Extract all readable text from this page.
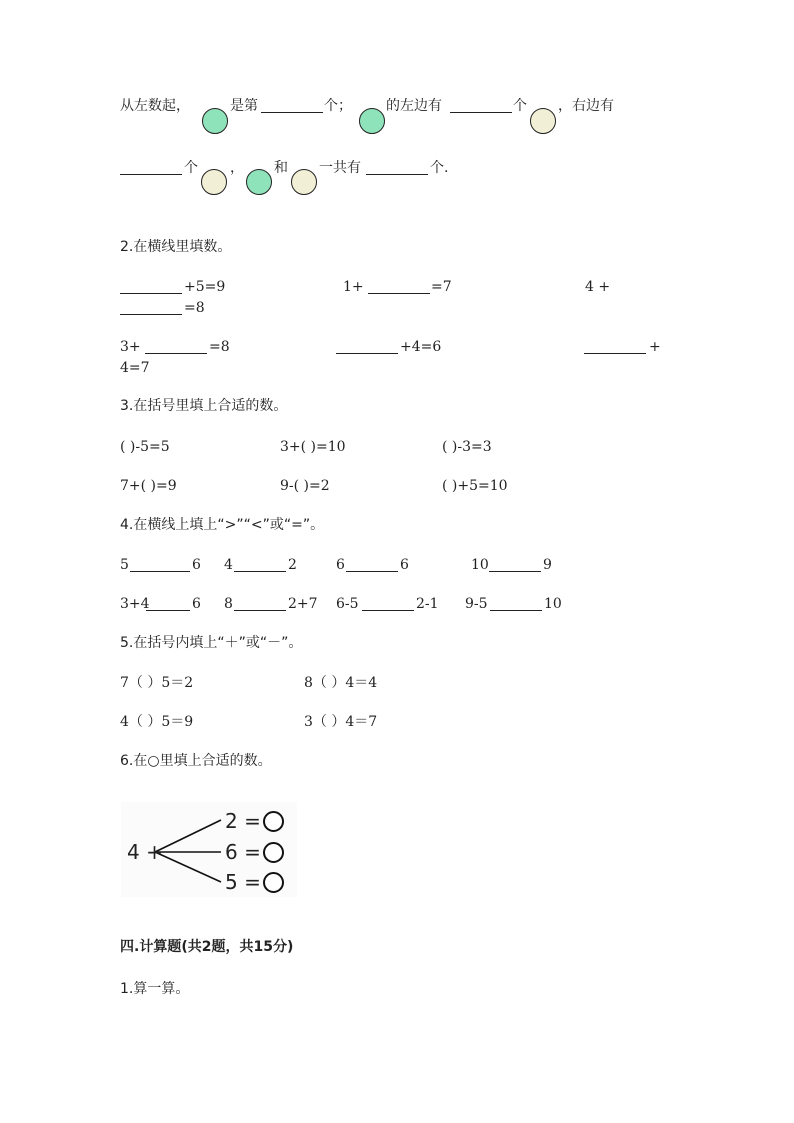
从左数起，	是第	个； 的左边有	个 ，右边有
个 ， 和 一共有	个.
2.在横线里填数。
+5=9	1+	=7	4 +
=8
3+	=8	+4=6	+
4=7
3.在括号里填上合适的数。
( )-5=5	3+( )=10	( )-3=3
7+( )=9	9-( )=2	( )+5=10
4.在横线上填上“>”“<”或“=”。
5	6 4	2	6	6	10	9
3+4	6 8	2+7 6-5	2-1 9-5	10
5.在括号内填上“＋”或“－”。
7（ ）5＝2	8（ ）4＝4
4（ ）5＝9	3（ ）4＝7
6.在○里填上合适的数。
4 +
2 =
6 =
5 =
四.计算题(共2题，共15分)
1.算一算。
